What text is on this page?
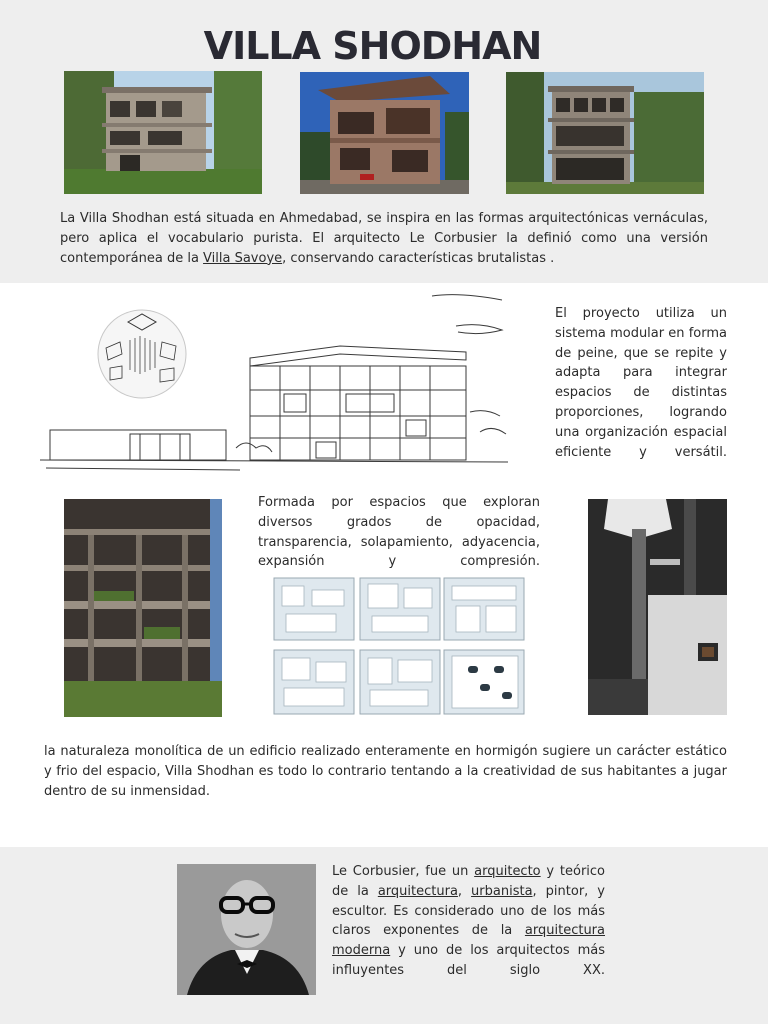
VILLA SHODHAN

La Villa Shodhan está situada en Ahmedabad, se inspira en las formas arquitectónicas vernáculas, pero aplica el vocabulario purista. El arquitecto Le Corbusier la definió como una versión contemporánea de la Villa Savoye, conservando características brutalistas .

El proyecto utiliza un sistema modular en forma de peine, que se repite y adapta para integrar espacios de distintas proporciones, logrando una organización espacial eficiente y versátil.

Formada por espacios que exploran diversos grados de opacidad, transparencia, solapamiento, adyacencia, expansión y compresión.

la naturaleza monolítica de un edificio realizado enteramente en hormigón sugiere un carácter estático y frio del espacio, Villa Shodhan es todo lo contrario tentando a la creatividad de sus habitantes a jugar dentro de su inmensidad.

Le Corbusier, fue un arquitecto y teórico de la arquitectura, urbanista, pintor, y escultor. Es considerado uno de los más claros exponentes de la arquitectura moderna y uno de los arquitectos más influyentes del siglo XX.
